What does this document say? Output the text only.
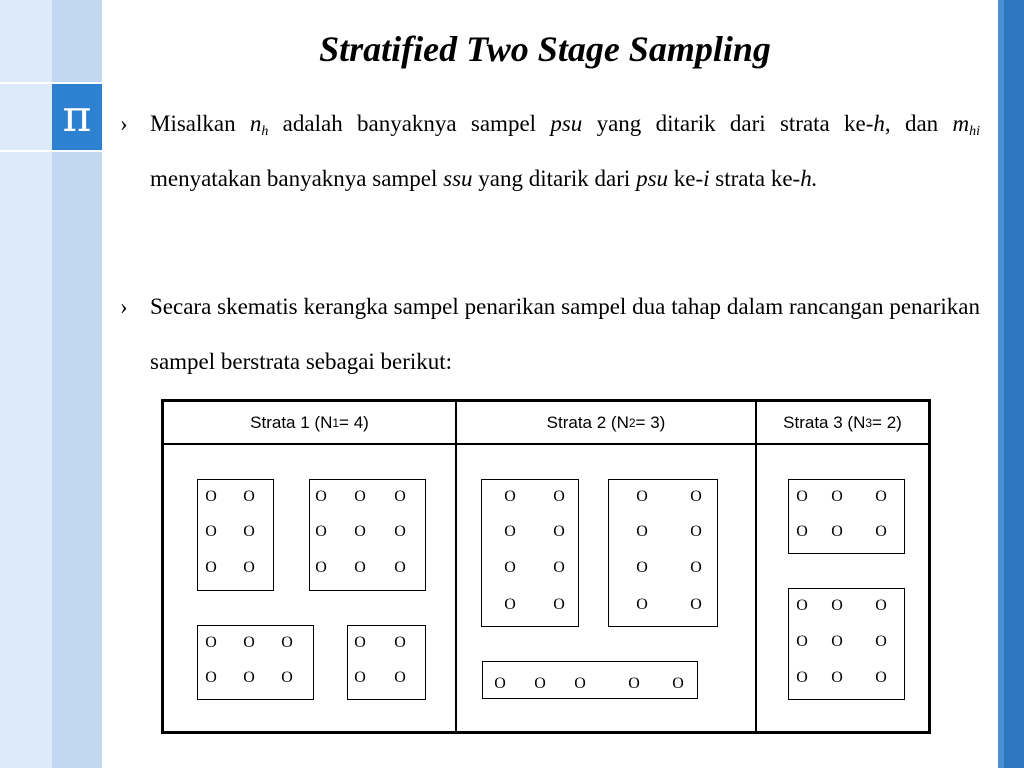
π
Stratified Two Stage Sampling
› Misalkan $n_h$ adalah banyaknya sampel psu yang ditarik dari strata ke-h, dan $m_{hi}$ menyatakan banyaknya sampel ssu yang ditarik dari psu ke-i strata ke-h.
› Secara skematis kerangka sampel penarikan sampel dua tahap dalam rancangan penarikan sampel berstrata sebagai berikut:
Strata 1 (N 1 = 4)	Strata 2 (N 2 = 3)	Strata 3 (N 3 = 2)
O O
O O
O O
O O O
O O O
O O O
O O O
O O O
O O
O O
O O
O O
O O
O O
O	O
O	O
O	O
O	O
O O O	O O
O O O
O O O
O O O
O O O
O O O
